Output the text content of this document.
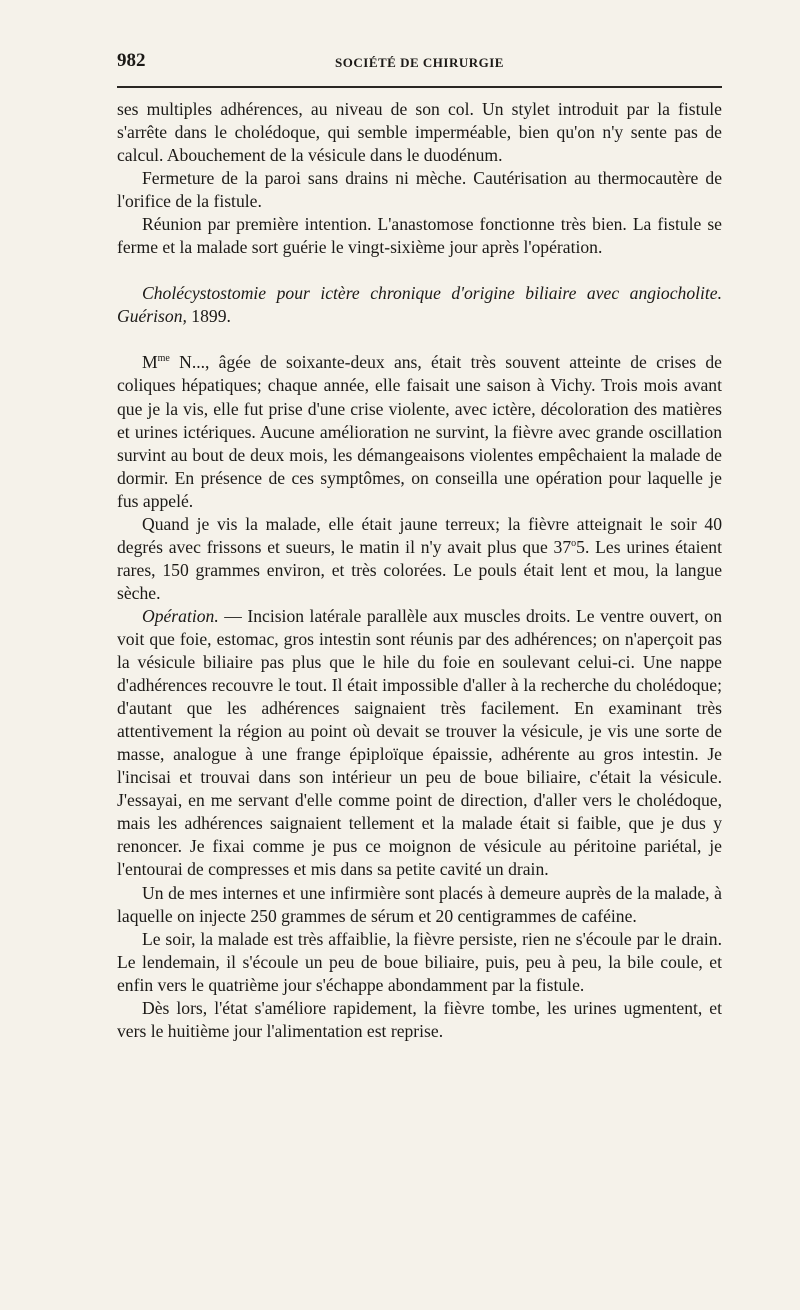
982	SOCIÉTÉ DE CHIRURGIE

ses multiples adhérences, au niveau de son col. Un stylet introduit par la fistule s'arrête dans le cholédoque, qui semble imperméable, bien qu'on n'y sente pas de calcul. Abouchement de la vésicule dans le duodénum.

Fermeture de la paroi sans drains ni mèche. Cautérisation au thermocautère de l'orifice de la fistule.

Réunion par première intention. L'anastomose fonctionne très bien. La fistule se ferme et la malade sort guérie le vingt-sixième jour après l'opération.

Cholécystostomie pour ictère chronique d'origine biliaire avec angiocholite. Guérison, 1899.

$M^{me}$ N..., âgée de soixante-deux ans, était très souvent atteinte de crises de coliques hépatiques; chaque année, elle faisait une saison à Vichy. Trois mois avant que je la vis, elle fut prise d'une crise violente, avec ictère, décoloration des matières et urines ictériques. Aucune amélioration ne survint, la fièvre avec grande oscillation survint au bout de deux mois, les démangeaisons violentes empêchaient la malade de dormir. En présence de ces symptômes, on conseilla une opération pour laquelle je fus appelé.

Quand je vis la malade, elle était jaune terreux; la fièvre atteignait le soir 40 degrés avec frissons et sueurs, le matin il n'y avait plus que 37$^o$5. Les urines étaient rares, 150 grammes environ, et très colorées. Le pouls était lent et mou, la langue sèche.

Opération. — Incision latérale parallèle aux muscles droits. Le ventre ouvert, on voit que foie, estomac, gros intestin sont réunis par des adhérences; on n'aperçoit pas la vésicule biliaire pas plus que le hile du foie en soulevant celui-ci. Une nappe d'adhérences recouvre le tout. Il était impossible d'aller à la recherche du cholédoque; d'autant que les adhérences saignaient très facilement. En examinant très attentivement la région au point où devait se trouver la vésicule, je vis une sorte de masse, analogue à une frange épiploïque épaissie, adhérente au gros intestin. Je l'incisai et trouvai dans son intérieur un peu de boue biliaire, c'était la vésicule. J'essayai, en me servant d'elle comme point de direction, d'aller vers le cholédoque, mais les adhérences saignaient tellement et la malade était si faible, que je dus y renoncer. Je fixai comme je pus ce moignon de vésicule au péritoine pariétal, je l'entourai de compresses et mis dans sa petite cavité un drain.

Un de mes internes et une infirmière sont placés à demeure auprès de la malade, à laquelle on injecte 250 grammes de sérum et 20 centigrammes de caféine.

Le soir, la malade est très affaiblie, la fièvre persiste, rien ne s'écoule par le drain. Le lendemain, il s'écoule un peu de boue biliaire, puis, peu à peu, la bile coule, et enfin vers le quatrième jour s'échappe abondamment par la fistule.

Dès lors, l'état s'améliore rapidement, la fièvre tombe, les urines ugmentent, et vers le huitième jour l'alimentation est reprise.
